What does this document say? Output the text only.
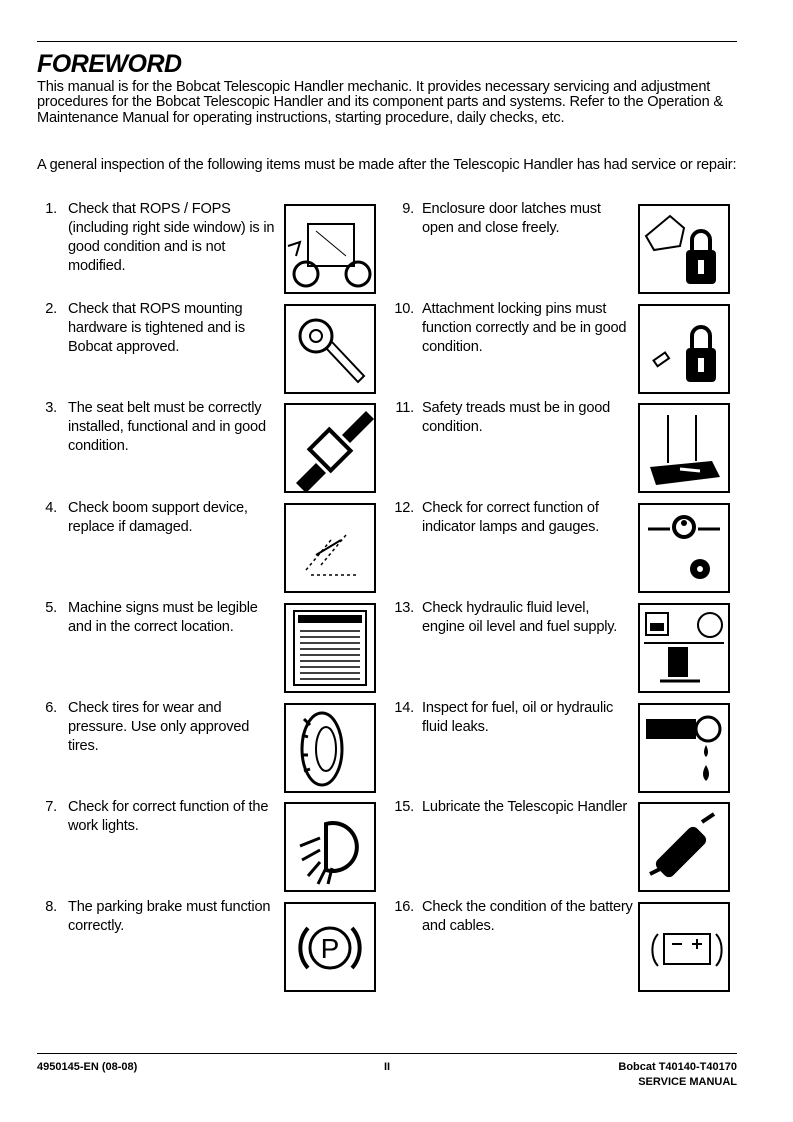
FOREWORD
This manual is for the Bobcat Telescopic Handler mechanic. It provides necessary servicing and adjustment procedures for the Bobcat Telescopic Handler and its component parts and systems. Refer to the Operation & Maintenance Manual for operating instructions, starting procedure, daily checks, etc.
A general inspection of the following items must be made after the Telescopic Handler has had service or repair:
1. Check that ROPS / FOPS (including right side window) is in good condition and is not modified.
2. Check that ROPS mounting hardware is tightened and is Bobcat approved.
3. The seat belt must be correctly installed, functional and in good condition.
4. Check boom support device, replace if damaged.
5. Machine signs must be legible and in the correct location.
6. Check tires for wear and pressure. Use only approved tires.
7. Check for correct function of the work lights.
8. The parking brake must function correctly.
P
9. Enclosure door latches must open and close freely.
10. Attachment locking pins must function correctly and be in good condition.
11. Safety treads must be in good condition.
12. Check for correct function of indicator lamps and gauges.
13. Check hydraulic fluid level, engine oil level and fuel supply.
14. Inspect for fuel, oil or hydraulic fluid leaks.
15. Lubricate the Telescopic Handler
16. Check the condition of the battery and cables.
4950145-EN (08-08)	II	Bobcat T40140-T40170
SERVICE MANUAL
